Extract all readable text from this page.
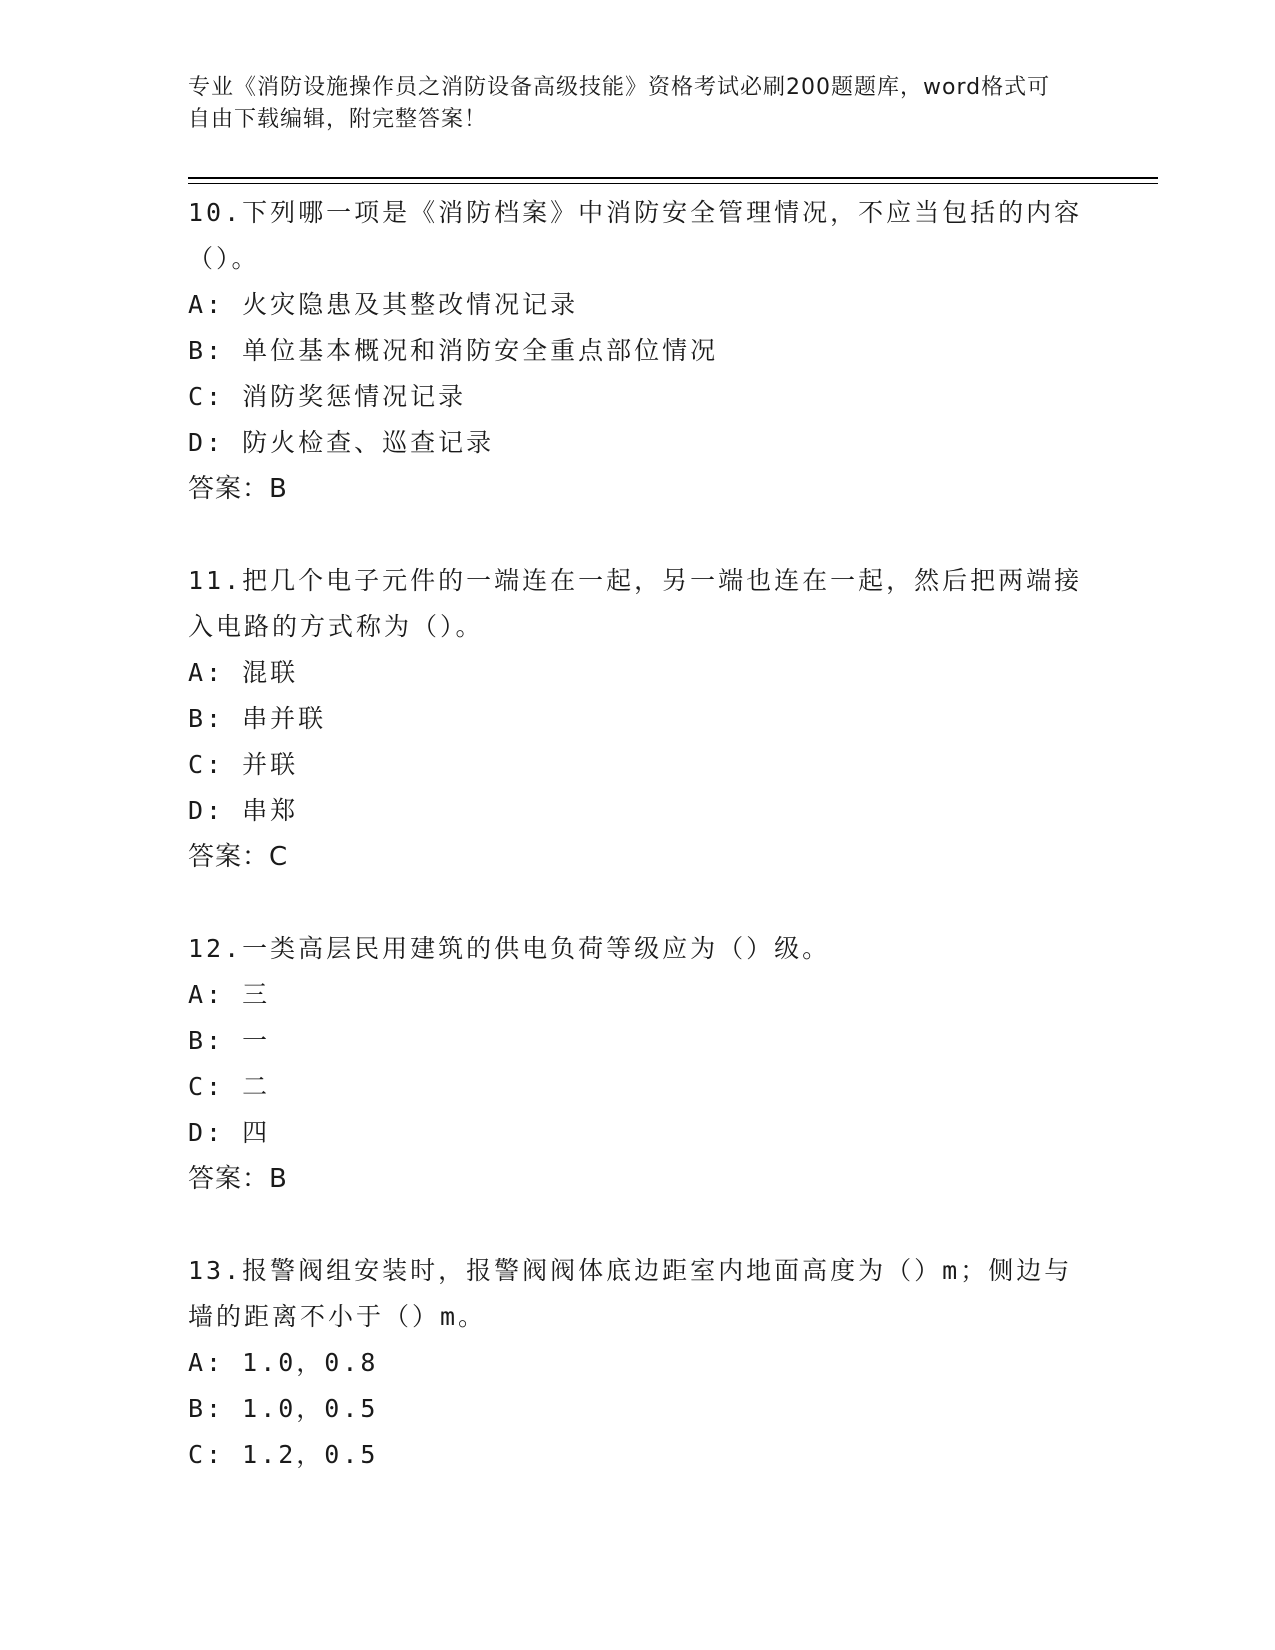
专业《消防设施操作员之消防设备高级技能》资格考试必刷200题题库，word格式可自由下载编辑，附完整答案！
10.下列哪一项是《消防档案》中消防安全管理情况，不应当包括的内容（）。
A: 火灾隐患及其整改情况记录
B: 单位基本概况和消防安全重点部位情况
C: 消防奖惩情况记录
D: 防火检查、巡查记录
答案：B
11.把几个电子元件的一端连在一起，另一端也连在一起，然后把两端接入电路的方式称为（）。
A: 混联
B: 串并联
C: 并联
D: 串郑
答案：C
12.一类高层民用建筑的供电负荷等级应为（）级。
A: 三
B: 一
C: 二
D: 四
答案：B
13.报警阀组安装时，报警阀阀体底边距室内地面高度为（）m；侧边与墙的距离不小于（）m。
A: 1.0，0.8
B: 1.0，0.5
C: 1.2，0.5
